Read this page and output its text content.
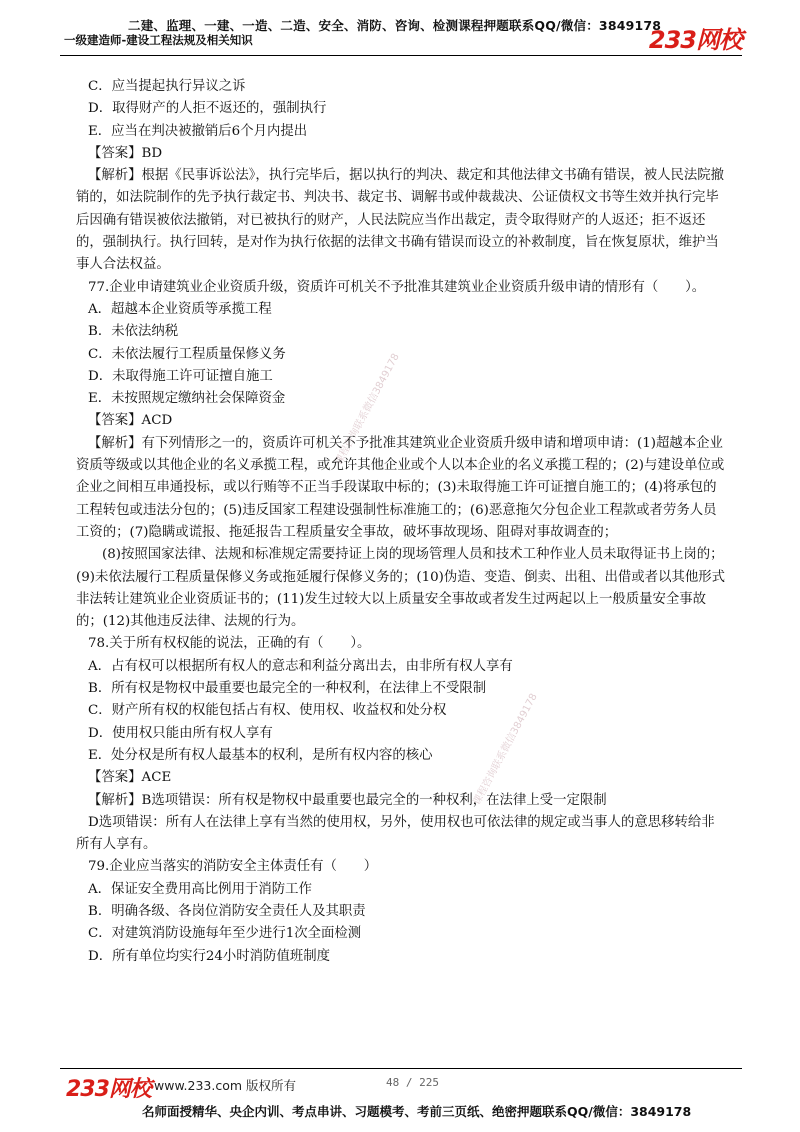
二建、监理、一建、一造、二造、安全、消防、咨询、检测课程押题联系QQ/微信：3849178
一级建造师-建设工程法规及相关知识	233网校
课程咨询联系微信3849178
课程咨询联系微信3849178

C．应当提起执行异议之诉

D．取得财产的人拒不返还的，强制执行

E．应当在判决被撤销后6个月内提出

【答案】BD

【解析】根据《民事诉讼法》，执行完毕后，据以执行的判决、裁定和其他法律文书确有错误，被人民法院撤销的，如法院制作的先予执行裁定书、判决书、裁定书、调解书或仲裁裁决、公证债权文书等生效并执行完毕后因确有错误被依法撤销，对已被执行的财产，人民法院应当作出裁定，责令取得财产的人返还；拒不返还的，强制执行。执行回转，是对作为执行依据的法律文书确有错误而设立的补救制度，旨在恢复原状，维护当事人合法权益。

77.企业申请建筑业企业资质升级，资质许可机关不予批准其建筑业企业资质升级申请的情形有（　　）。

A．超越本企业资质等承揽工程

B．未依法纳税

C．未依法履行工程质量保修义务

D．未取得施工许可证擅自施工

E．未按照规定缴纳社会保障资金

【答案】ACD

【解析】有下列情形之一的，资质许可机关不予批准其建筑业企业资质升级申请和增项申请：(1)超越本企业资质等级或以其他企业的名义承揽工程，或允许其他企业或个人以本企业的名义承揽工程的；(2)与建设单位或企业之间相互串通投标，或以行贿等不正当手段谋取中标的；(3)未取得施工许可证擅自施工的；(4)将承包的工程转包或违法分包的；(5)违反国家工程建设强制性标准施工的；(6)恶意拖欠分包企业工程款或者劳务人员工资的；(7)隐瞒或谎报、拖延报告工程质量安全事故，破坏事故现场、阻碍对事故调查的；

(8)按照国家法律、法规和标准规定需要持证上岗的现场管理人员和技术工种作业人员未取得证书上岗的；(9)未依法履行工程质量保修义务或拖延履行保修义务的；(10)伪造、变造、倒卖、出租、出借或者以其他形式非法转让建筑业企业资质证书的；(11)发生过较大以上质量安全事故或者发生过两起以上一般质量安全事故的；(12)其他违反法律、法规的行为。

78.关于所有权权能的说法，正确的有（　　）。

A．占有权可以根据所有权人的意志和利益分离出去，由非所有权人享有

B．所有权是物权中最重要也最完全的一种权利，在法律上不受限制

C．财产所有权的权能包括占有权、使用权、收益权和处分权

D．使用权只能由所有权人享有

E．处分权是所有权人最基本的权利，是所有权内容的核心

【答案】ACE

【解析】B选项错误：所有权是物权中最重要也最完全的一种权利，在法律上受一定限制

D选项错误：所有人在法律上享有当然的使用权，另外，使用权也可依法律的规定或当事人的意思移转给非所有人享有。

79.企业应当落实的消防安全主体责任有（　　）

A．保证安全费用高比例用于消防工作

B．明确各级、各岗位消防安全责任人及其职责

C．对建筑消防设施每年至少进行1次全面检测

D．所有单位均实行24小时消防值班制度

233网校 www.233.com 版权所有	48 / 225
名师面授精华、央企内训、考点串讲、习题模考、考前三页纸、绝密押题联系QQ/微信：3849178
